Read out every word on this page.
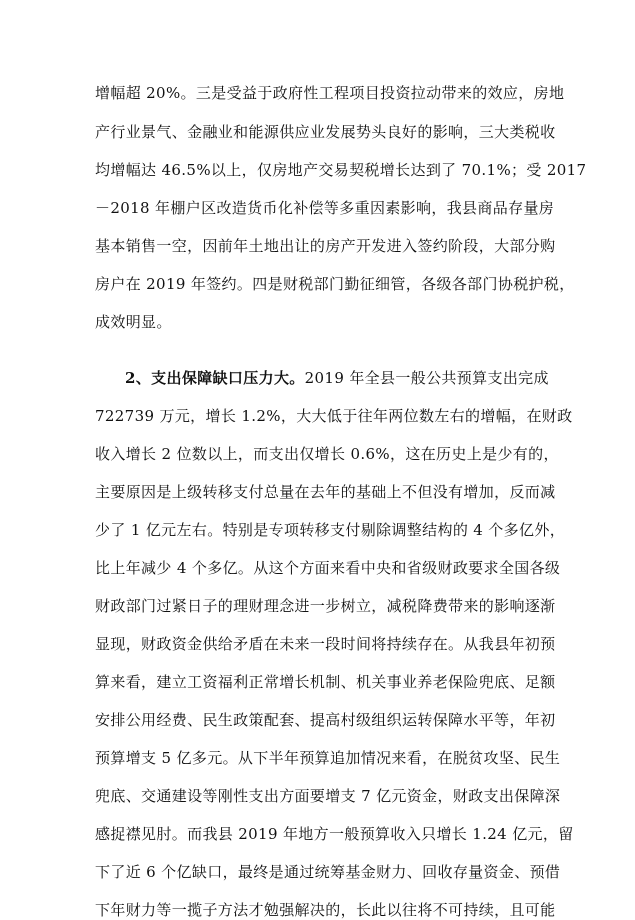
增幅超 20%。三是受益于政府性工程项目投资拉动带来的效应，房地
产行业景气、金融业和能源供应业发展势头良好的影响，三大类税收
均增幅达 46.5%以上，仅房地产交易契税增长达到了 70.1%；受 2017
－2018 年棚户区改造货币化补偿等多重因素影响，我县商品存量房
基本销售一空，因前年土地出让的房产开发进入签约阶段，大部分购
房户在 2019 年签约。四是财税部门勤征细管，各级各部门协税护税，
成效明显。
2、支出保障缺口压力大。2019 年全县一般公共预算支出完成
722739 万元，增长 1.2%，大大低于往年两位数左右的增幅，在财政
收入增长 2 位数以上，而支出仅增长 0.6%，这在历史上是少有的，
主要原因是上级转移支付总量在去年的基础上不但没有增加，反而减
少了 1 亿元左右。特别是专项转移支付剔除调整结构的 4 个多亿外，
比上年减少 4 个多亿。从这个方面来看中央和省级财政要求全国各级
财政部门过紧日子的理财理念进一步树立，减税降费带来的影响逐渐
显现，财政资金供给矛盾在未来一段时间将持续存在。从我县年初预
算来看，建立工资福利正常增长机制、机关事业养老保险兜底、足额
安排公用经费、民生政策配套、提高村级组织运转保障水平等，年初
预算增支 5 亿多元。从下半年预算追加情况来看，在脱贫攻坚、民生
兜底、交通建设等刚性支出方面要增支 7 亿元资金，财政支出保障深
感捉襟见肘。而我县 2019 年地方一般预算收入只增长 1.24 亿元，留
下了近 6 个亿缺口，最终是通过统筹基金财力、回收存量资金、预借
下年财力等一揽子方法才勉强解决的，长此以往将不可持续，且可能
